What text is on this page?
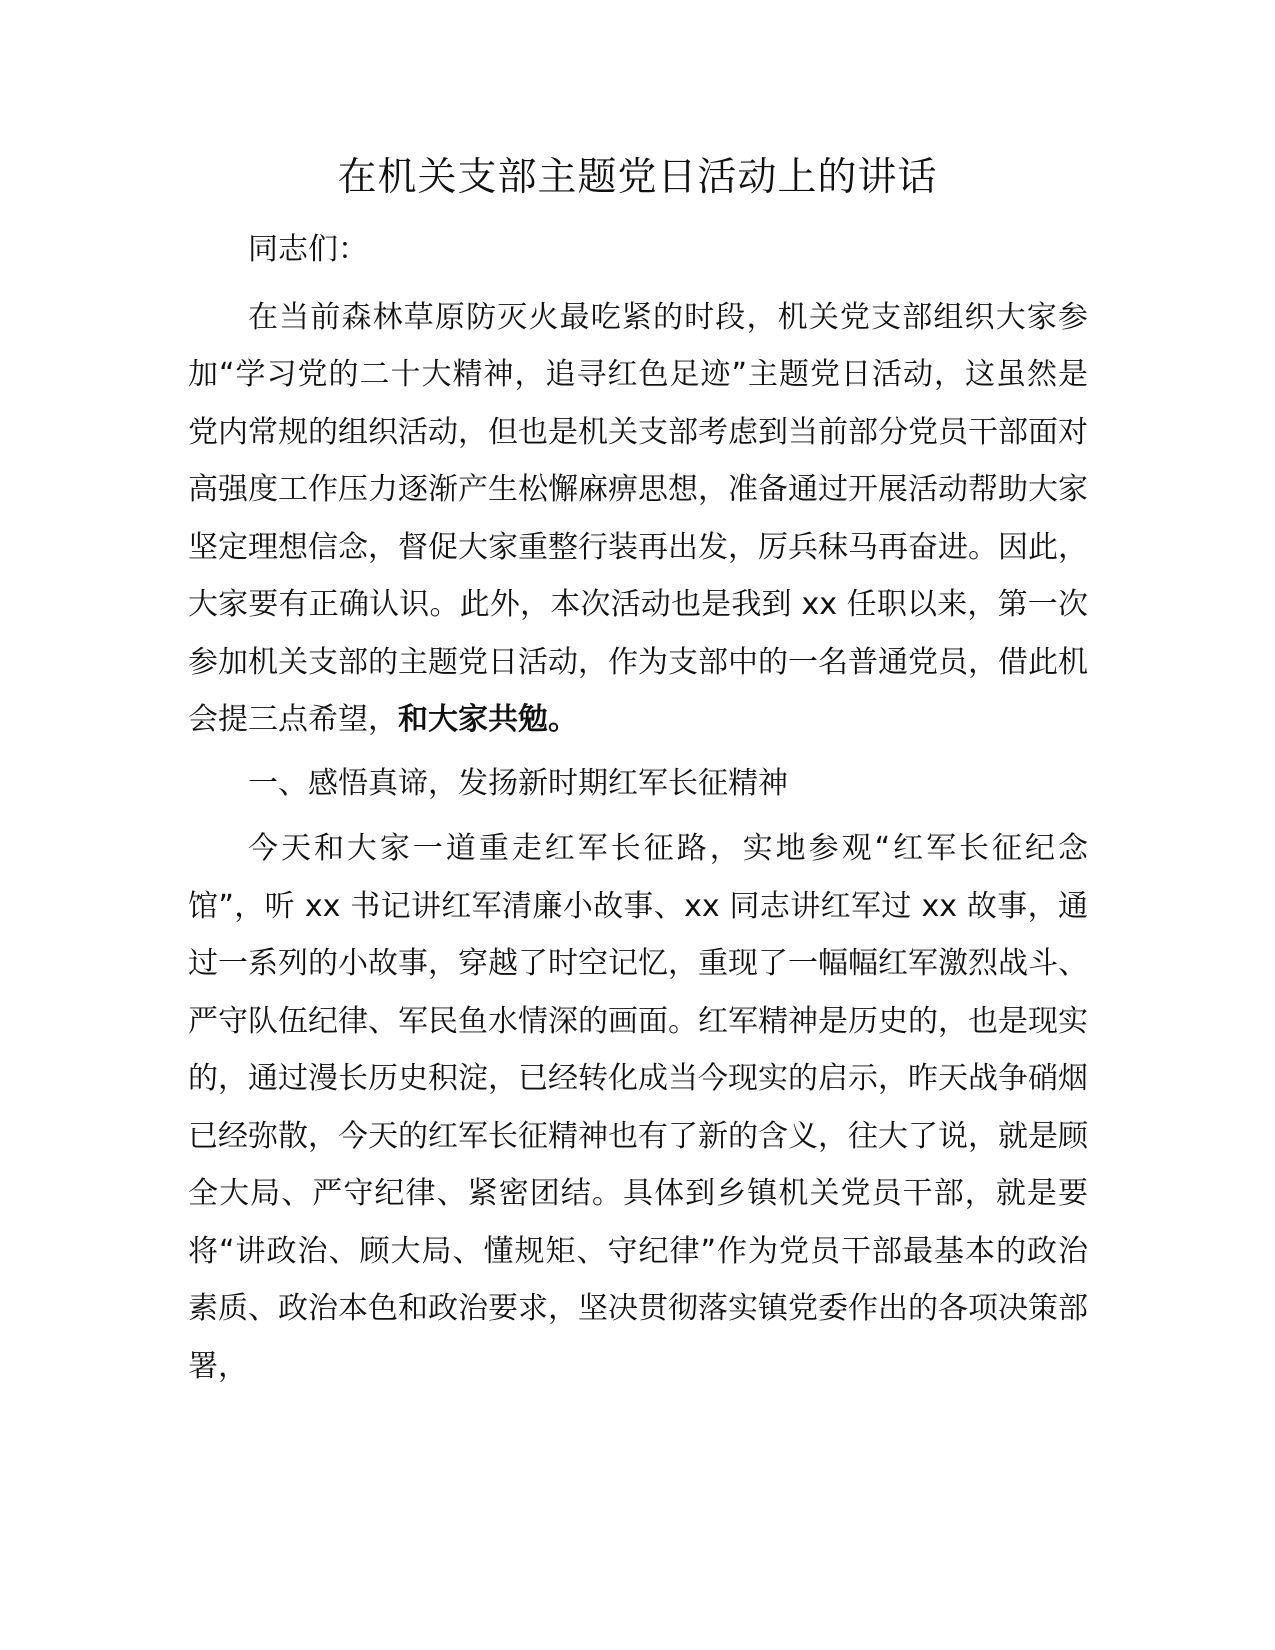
在机关支部主题党日活动上的讲话

同志们：

在当前森林草原防灭火最吃紧的时段，机关党支部组织大家参加“学习党的二十大精神，追寻红色足迹”主题党日活动，这虽然是党内常规的组织活动，但也是机关支部考虑到当前部分党员干部面对高强度工作压力逐渐产生松懈麻痹思想，准备通过开展活动帮助大家坚定理想信念，督促大家重整行装再出发，厉兵秣马再奋进。因此，大家要有正确认识。此外，本次活动也是我到 xx 任职以来，第一次参加机关支部的主题党日活动，作为支部中的一名普通党员，借此机会提三点希望，和大家共勉。

一、感悟真谛，发扬新时期红军长征精神

今天和大家一道重走红军长征路，实地参观“红军长征纪念馆”，听 xx 书记讲红军清廉小故事、xx 同志讲红军过 xx 故事，通过一系列的小故事，穿越了时空记忆，重现了一幅幅红军激烈战斗、严守队伍纪律、军民鱼水情深的画面。红军精神是历史的，也是现实的，通过漫长历史积淀，已经转化成当今现实的启示，昨天战争硝烟已经弥散，今天的红军长征精神也有了新的含义，往大了说，就是顾全大局、严守纪律、紧密团结。具体到乡镇机关党员干部，就是要将“讲政治、顾大局、懂规矩、守纪律”作为党员干部最基本的政治素质、政治本色和政治要求，坚决贯彻落实镇党委作出的各项决策部署，
